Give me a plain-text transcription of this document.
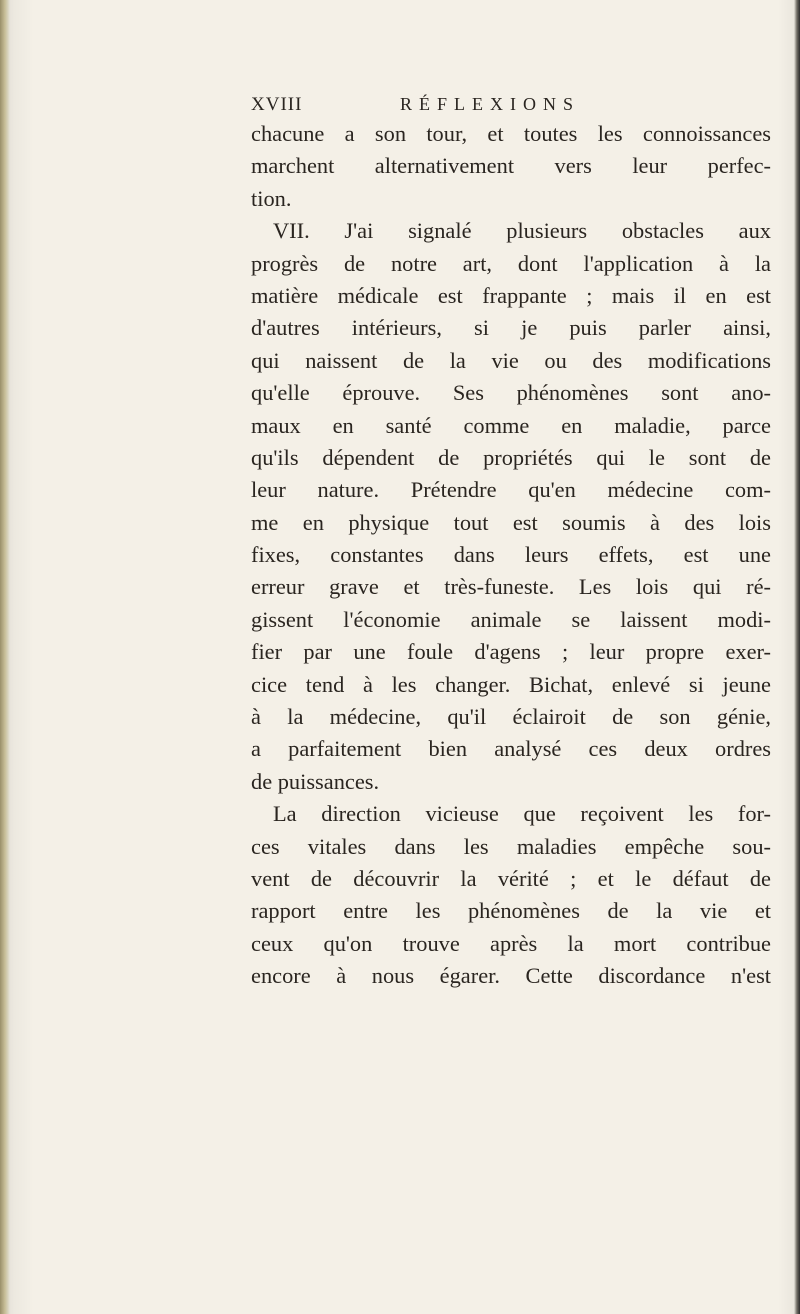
XVIII	RÉFLEXIONS
chacune a son tour, et toutes les connoissances
marchent alternativement vers leur perfec-
tion.
VII. J'ai signalé plusieurs obstacles aux
progrès de notre art, dont l'application à la
matière médicale est frappante ; mais il en est
d'autres intérieurs, si je puis parler ainsi,
qui naissent de la vie ou des modifications
qu'elle éprouve. Ses phénomènes sont ano-
maux en santé comme en maladie, parce
qu'ils dépendent de propriétés qui le sont de
leur nature. Prétendre qu'en médecine com-
me en physique tout est soumis à des lois
fixes, constantes dans leurs effets, est une
erreur grave et très-funeste. Les lois qui ré-
gissent l'économie animale se laissent modi-
fier par une foule d'agens ; leur propre exer-
cice tend à les changer. Bichat, enlevé si jeune
à la médecine, qu'il éclairoit de son génie,
a parfaitement bien analysé ces deux ordres
de puissances.
La direction vicieuse que reçoivent les for-
ces vitales dans les maladies empêche sou-
vent de découvrir la vérité ; et le défaut de
rapport entre les phénomènes de la vie et
ceux qu'on trouve après la mort contribue
encore à nous égarer. Cette discordance n'est
